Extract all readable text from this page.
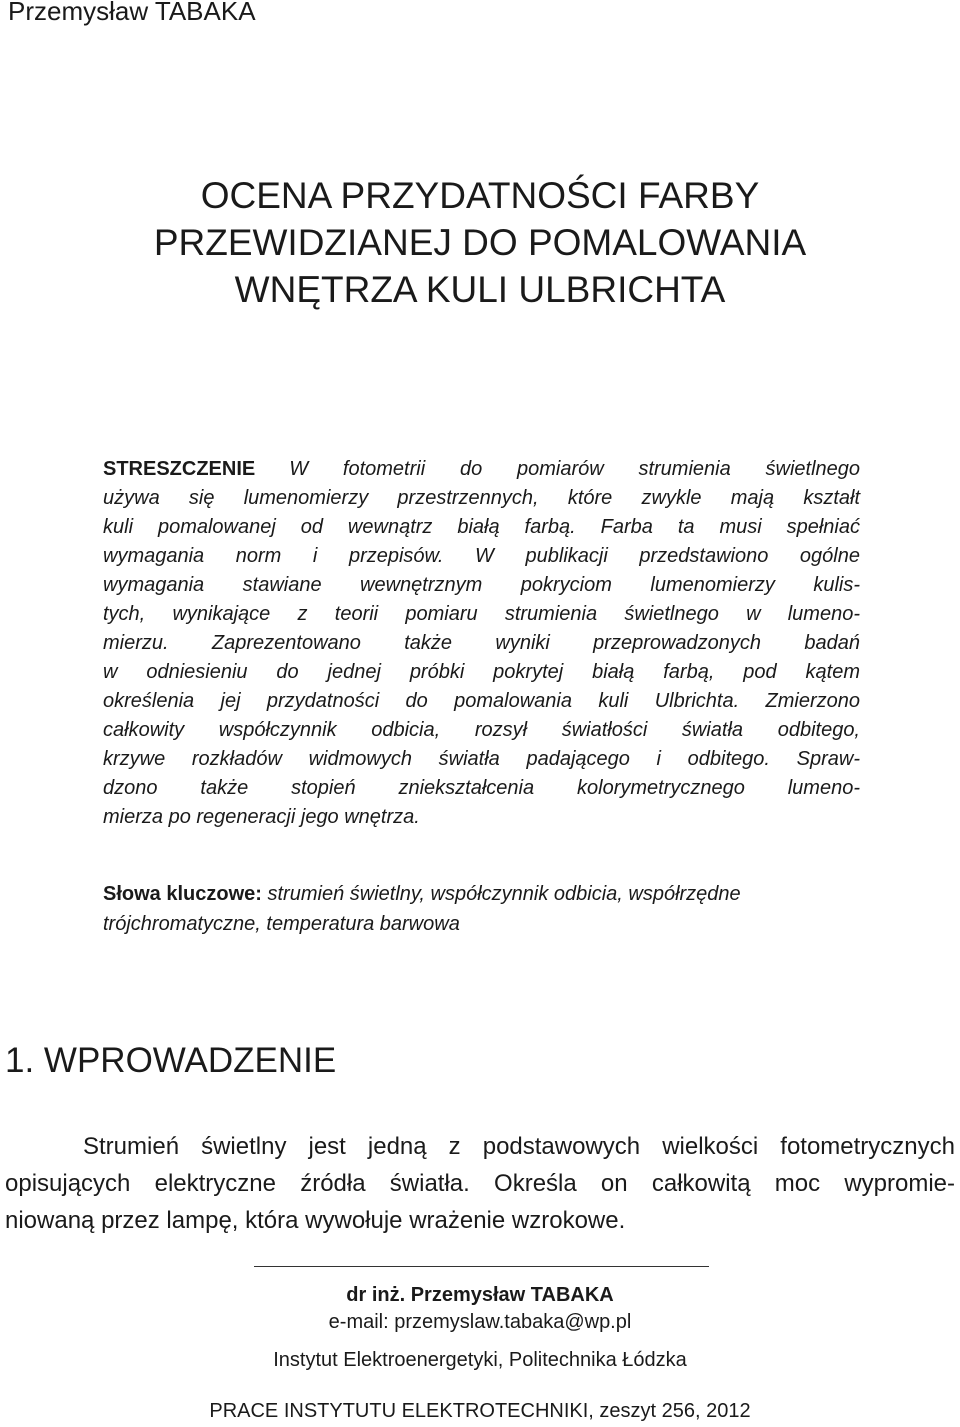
Przemysław TABAKA
OCENA PRZYDATNOŚCI FARBY
PRZEWIDZIANEJ DO POMALOWANIA
WNĘTRZA KULI ULBRICHTA
STRESZCZENIE W fotometrii do pomiarów strumienia świetlnego
używa się lumenomierzy przestrzennych, które zwykle mają kształt
kuli pomalowanej od wewnątrz białą farbą. Farba ta musi spełniać
wymagania norm i przepisów. W publikacji przedstawiono ogólne
wymagania stawiane wewnętrznym pokryciom lumenomierzy kulis-
tych, wynikające z teorii pomiaru strumienia świetlnego w lumeno-
mierzu. Zaprezentowano także wyniki przeprowadzonych badań
w odniesieniu do jednej próbki pokrytej białą farbą, pod kątem
określenia jej przydatności do pomalowania kuli Ulbrichta. Zmierzono
całkowity współczynnik odbicia, rozsył światłości światła odbitego,
krzywe rozkładów widmowych światła padającego i odbitego. Spraw-
dzono także stopień zniekształcenia kolorymetrycznego lumeno-
mierza po regeneracji jego wnętrza.
Słowa kluczowe: strumień świetlny, współczynnik odbicia, współrzędne
trójchromatyczne, temperatura barwowa
1. WPROWADZENIE
Strumień świetlny jest jedną z podstawowych wielkości fotometrycznych
opisujących elektryczne źródła światła. Określa on całkowitą moc wypromie-
niowaną przez lampę, która wywołuje wrażenie wzrokowe.
dr inż. Przemysław TABAKA
e-mail: przemyslaw.tabaka@wp.pl
Instytut Elektroenergetyki, Politechnika Łódzka
PRACE INSTYTUTU ELEKTROTECHNIKI, zeszyt 256, 2012
